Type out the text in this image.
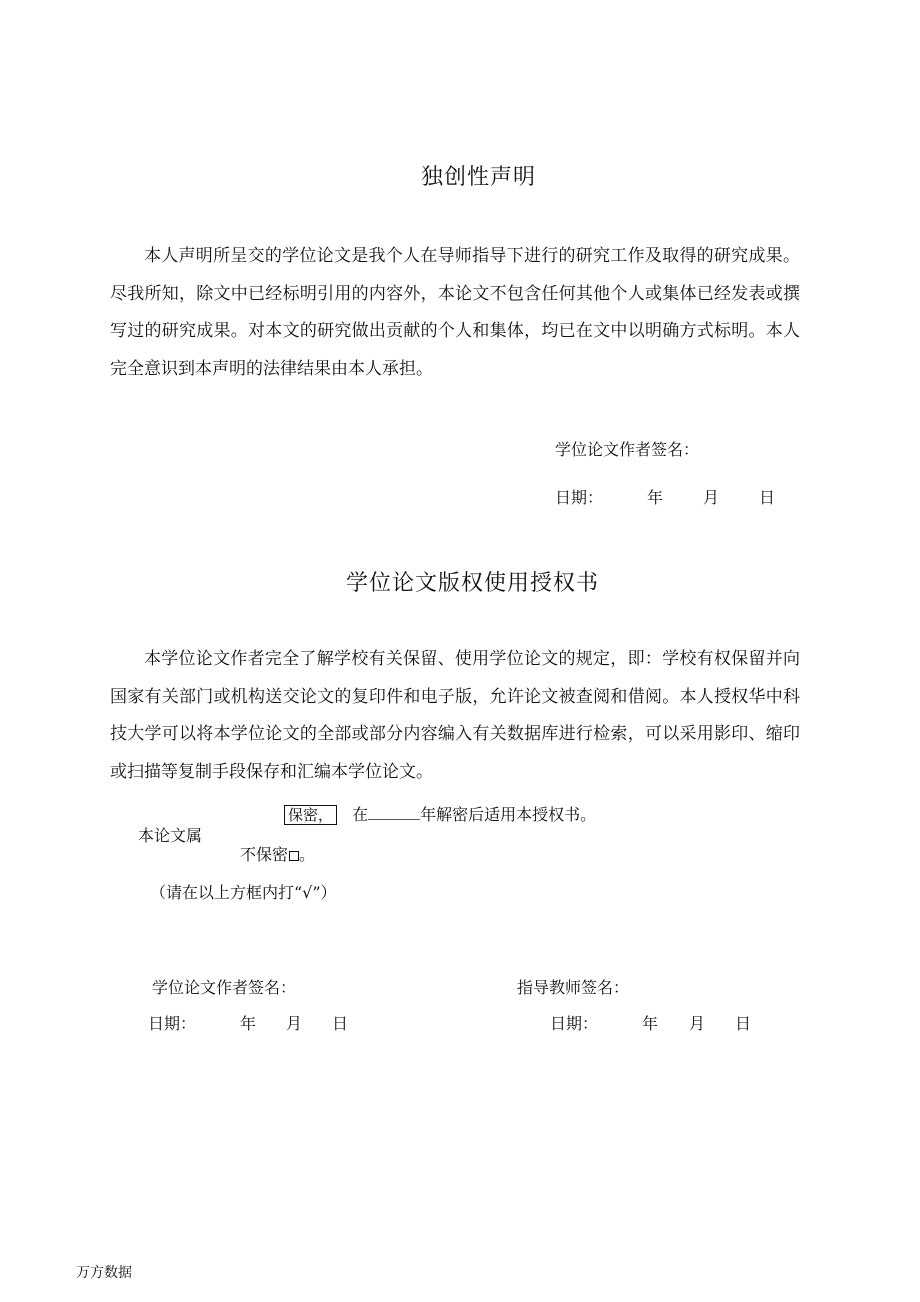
独创性声明

本人声明所呈交的学位论文是我个人在导师指导下进行的研究工作及取得的研究成果。尽我所知，除文中已经标明引用的内容外，本论文不包含任何其他个人或集体已经发表或撰写过的研究成果。对本文的研究做出贡献的个人和集体，均已在文中以明确方式标明。本人完全意识到本声明的法律结果由本人承担。

学位论文作者签名：
日期：	年 月 日
学位论文版权使用授权书

本学位论文作者完全了解学校有关保留、使用学位论文的规定，即：学校有权保留并向国家有关部门或机构送交论文的复印件和电子版，允许论文被查阅和借阅。本人授权华中科技大学可以将本学位论文的全部或部分内容编入有关数据库进行检索，可以采用影印、缩印或扫描等复制手段保存和汇编本学位论文。

本论文属
保密， 在	年解密后适用本授权书。
不保密 。
（请在以上方框内打“√”）
学位论文作者签名：	指导教师签名：
日期：	年 月 日	日期：	年 月 日
万方数据
